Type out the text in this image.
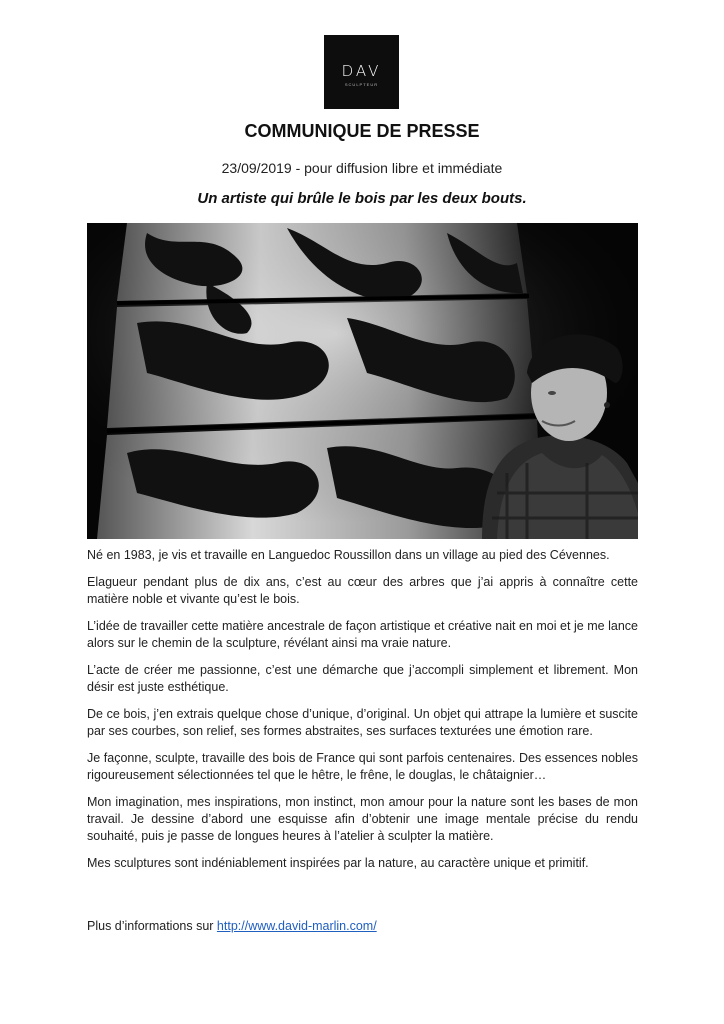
DAV
SCULPTEUR
COMMUNIQUE DE PRESSE
23/09/2019 - pour diffusion libre et immédiate
Un artiste qui brûle le bois par les deux bouts.

Né en 1983, je vis et travaille en Languedoc Roussillon dans un village au pied des Cévennes.

Elagueur pendant plus de dix ans, c’est au cœur des arbres que j’ai appris à connaître cette matière noble et vivante qu’est le bois.

L’idée de travailler cette matière ancestrale de façon artistique et créative nait en moi et je me lance alors sur le chemin de la sculpture, révélant ainsi ma vraie nature.

L’acte de créer me passionne, c’est une démarche que j’accompli simplement et librement. Mon désir est juste esthétique.

De ce bois, j’en extrais quelque chose d’unique, d’original. Un objet qui attrape la lumière et suscite par ses courbes, son relief, ses formes abstraites, ses surfaces texturées une émotion rare.

Je façonne, sculpte, travaille des bois de France qui sont parfois centenaires. Des essences nobles rigoureusement sélectionnées tel que le hêtre, le frêne, le douglas, le châtaignier…

Mon imagination, mes inspirations, mon instinct, mon amour pour la nature sont les bases de mon travail. Je dessine d’abord une esquisse afin d’obtenir une image mentale précise du rendu souhaité, puis je passe de longues heures à l’atelier à sculpter la matière.

Mes sculptures sont indéniablement inspirées par la nature, au caractère unique et primitif.

Plus d’informations sur http://www.david-marlin.com/
